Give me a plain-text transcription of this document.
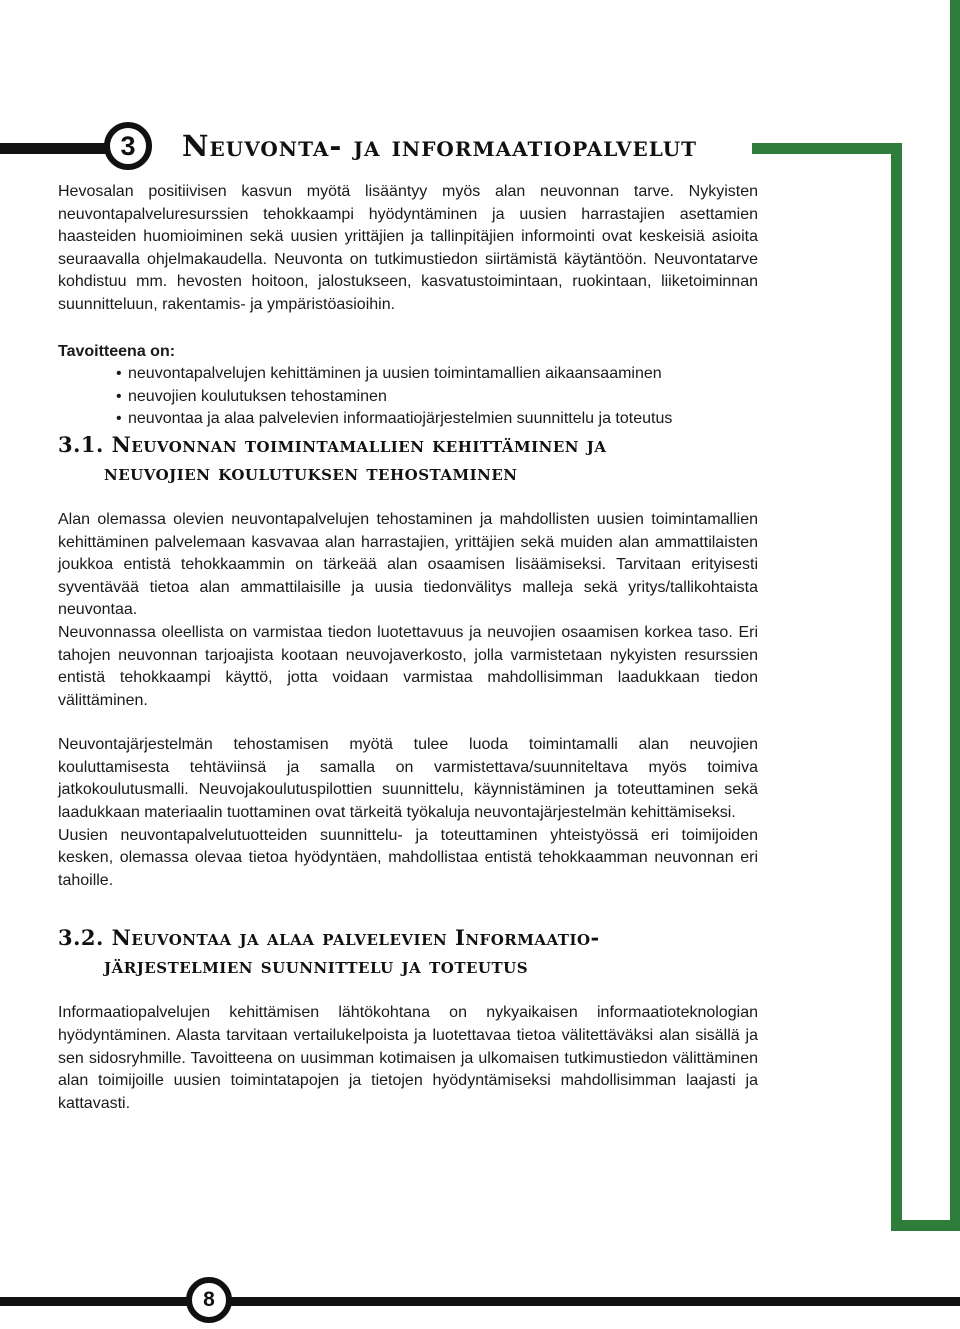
3	Neuvonta- ja informaatiopalvelut

Hevosalan positiivisen kasvun myötä lisääntyy myös alan neuvonnan tarve. Nykyisten neuvontapalveluresurssien tehokkaampi hyödyntäminen ja uusien harrastajien asettamien haasteiden huomioiminen sekä uusien yrittäjien ja tallinpitäjien informointi ovat keskeisiä asioita seuraavalla ohjelmakaudella. Neuvonta on tutkimustiedon siirtämistä käytäntöön. Neuvontatarve kohdistuu mm. hevosten hoitoon, jalostukseen, kasvatustoimintaan, ruokintaan, liiketoiminnan suunnitteluun, rakentamis- ja ympäristöasioihin.

Tavoitteena on:

• neuvontapalvelujen kehittäminen ja uusien toimintamallien aikaansaaminen
• neuvojien koulutuksen tehostaminen
• neuvontaa ja alaa palvelevien informaatiojärjestelmien suunnittelu ja toteutus
3.1. Neuvonnan toimintamallien kehittäminen ja
neuvojien koulutuksen tehostaminen

Alan olemassa olevien neuvontapalvelujen tehostaminen ja mahdollisten uusien toimintamallien kehittäminen palvelemaan kasvavaa alan harrastajien, yrittäjien sekä muiden alan ammattilaisten joukkoa entistä tehokkaammin on tärkeää alan osaamisen lisäämiseksi. Tarvitaan erityisesti syventävää tietoa alan ammattilaisille ja uusia tiedonvälitys malleja sekä yritys/tallikohtaista neuvontaa.

Neuvonnassa oleellista on varmistaa tiedon luotettavuus ja neuvojien osaamisen korkea taso. Eri tahojen neuvonnan tarjoajista kootaan neuvojaverkosto, jolla varmistetaan nykyisten resurssien entistä tehokkaampi käyttö, jotta voidaan varmistaa mahdollisimman laadukkaan tiedon välittäminen.

Neuvontajärjestelmän tehostamisen myötä tulee luoda toimintamalli alan neuvojien kouluttamisesta tehtäviinsä ja samalla on varmistettava/suunniteltava myös toimiva jatkokoulutusmalli. Neuvojakoulutuspilottien suunnittelu, käynnistäminen ja toteuttaminen sekä laadukkaan materiaalin tuottaminen ovat tärkeitä työkaluja neuvontajärjestelmän kehittämiseksi.

Uusien neuvontapalvelutuotteiden suunnittelu- ja toteuttaminen yhteistyössä eri toimijoiden kesken, olemassa olevaa tietoa hyödyntäen, mahdollistaa entistä tehokkaamman neuvonnan eri tahoille.

3.2. Neuvontaa ja alaa palvelevien Informaatio-
järjestelmien suunnittelu ja toteutus

Informaatiopalvelujen kehittämisen lähtökohtana on nykyaikaisen informaatioteknologian hyödyntäminen. Alasta tarvitaan vertailukelpoista ja luotettavaa tietoa välitettäväksi alan sisällä ja sen sidosryhmille. Tavoitteena on uusimman kotimaisen ja ulkomaisen tutkimustiedon välittäminen alan toimijoille uusien toimintatapojen ja tietojen hyödyntämiseksi mahdollisimman laajasti ja kattavasti.

8
